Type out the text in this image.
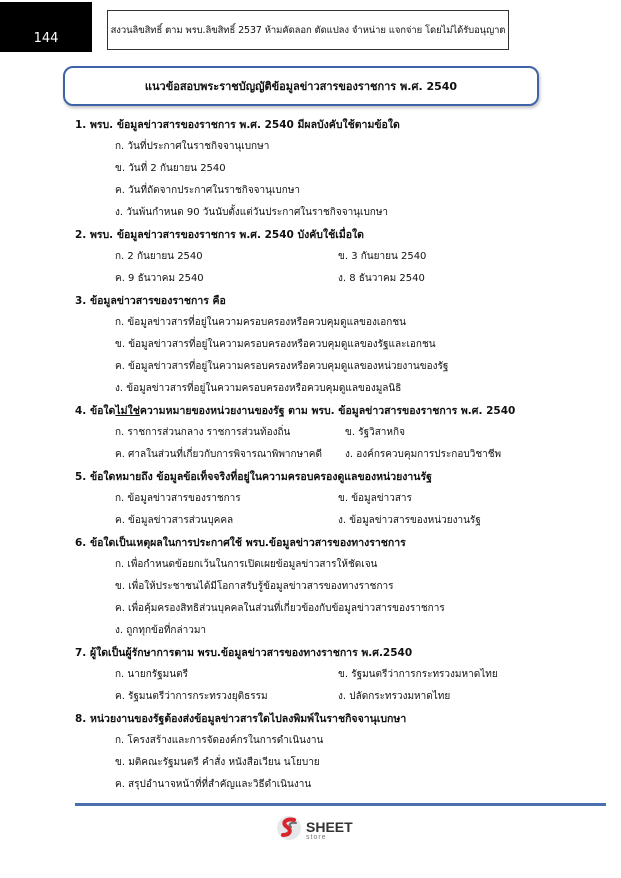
144
สงวนลิขสิทธิ์ ตาม พรบ.ลิขสิทธิ์ 2537 ห้ามคัดลอก ตัดแปลง จำหน่าย แจกจ่าย โดยไม่ได้รับอนุญาต
แนวข้อสอบพระราชบัญญัติข้อมูลข่าวสารของราชการ พ.ศ. 2540
1. พรบ. ข้อมูลข่าวสารของราชการ พ.ศ. 2540 มีผลบังคับใช้ตามข้อใด
ก. วันที่ประกาศในราชกิจจานุเบกษา
ข. วันที่ 2 กันยายน 2540
ค. วันที่ถัดจากประกาศในราชกิจจานุเบกษา
ง. วันพ้นกำหนด 90 วันนับตั้งแต่วันประกาศในราชกิจจานุเบกษา
2. พรบ. ข้อมูลข่าวสารของราชการ พ.ศ. 2540 บังคับใช้เมื่อใด
ก. 2 กันยายน 2540	ข. 3 กันยายน 2540
ค. 9 ธันวาคม 2540	ง. 8 ธันวาคม 2540
3. ข้อมูลข่าวสารของราชการ คือ
ก. ข้อมูลข่าวสารที่อยู่ในความครอบครองหรือควบคุมดูแลของเอกชน
ข. ข้อมูลข่าวสารที่อยู่ในความครอบครองหรือควบคุมดูแลของรัฐและเอกชน
ค. ข้อมูลข่าวสารที่อยู่ในความครอบครองหรือควบคุมดูแลของหน่วยงานของรัฐ
ง. ข้อมูลข่าวสารที่อยู่ในความครอบครองหรือควบคุมดูแลของมูลนิธิ
4. ข้อใดไม่ใช่ความหมายของหน่วยงานของรัฐ ตาม พรบ. ข้อมูลข่าวสารของราชการ พ.ศ. 2540
ก. ราชการส่วนกลาง ราชการส่วนท้องถิ่น	ข. รัฐวิสาหกิจ
ค. ศาลในส่วนที่เกี่ยวกับการพิจารณาพิพากษาคดี	ง. องค์กรควบคุมการประกอบวิชาชีพ
5. ข้อใดหมายถึง ข้อมูลข้อเท็จจริงที่อยู่ในความครอบครองดูแลของหน่วยงานรัฐ
ก. ข้อมูลข่าวสารของราชการ	ข. ข้อมูลข่าวสาร
ค. ข้อมูลข่าวสารส่วนบุคคล	ง. ข้อมูลข่าวสารของหน่วยงานรัฐ
6. ข้อใดเป็นเหตุผลในการประกาศใช้ พรบ.ข้อมูลข่าวสารของทางราชการ
ก. เพื่อกำหนดข้อยกเว้นในการเปิดเผยข้อมูลข่าวสารให้ชัดเจน
ข. เพื่อให้ประชาชนได้มีโอกาสรับรู้ข้อมูลข่าวสารของทางราชการ
ค. เพื่อคุ้มครองสิทธิส่วนบุคคลในส่วนที่เกี่ยวข้องกับข้อมูลข่าวสารของราชการ
ง. ถูกทุกข้อที่กล่าวมา
7. ผู้ใดเป็นผู้รักษาการตาม พรบ.ข้อมูลข่าวสารของทางราชการ พ.ศ.2540
ก. นายกรัฐมนตรี	ข. รัฐมนตรีว่าการกระทรวงมหาดไทย
ค. รัฐมนตรีว่าการกระทรวงยุติธรรม	ง. ปลัดกระทรวงมหาดไทย
8. หน่วยงานของรัฐต้องส่งข้อมูลข่าวสารใดไปลงพิมพ์ในราชกิจจานุเบกษา
ก. โครงสร้างและการจัดองค์กรในการดำเนินงาน
ข. มติคณะรัฐมนตรี คำสั่ง หนังสือเวียน นโยบาย
ค. สรุปอำนาจหน้าที่ที่สำคัญและวิธีดำเนินงาน
SHEET
store
